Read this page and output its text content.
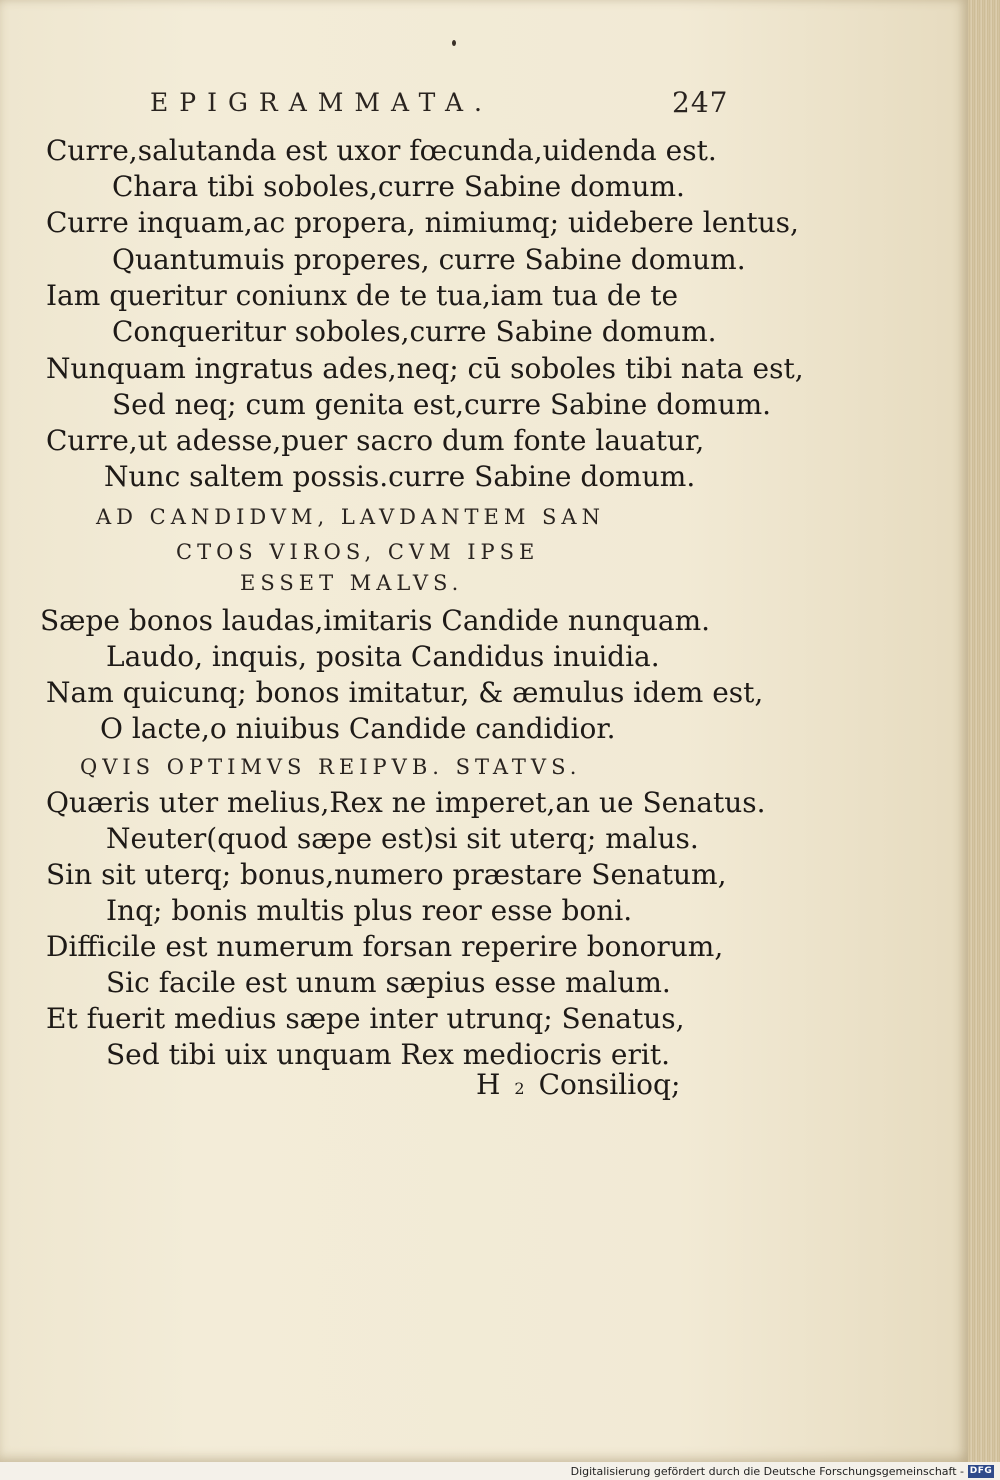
EPIGRAMMATA.	247
Curre,salutanda est uxor fœcunda,uidenda est.
Chara tibi soboles,curre Sabine domum.
Curre inquam,ac propera, nimiumq; uidebere lentus,
Quantumuis properes, curre Sabine domum.
Iam queritur coniunx de te tua,iam tua de te
Conqueritur soboles,curre Sabine domum.
Nunquam ingratus ades,neq; cū soboles tibi nata est,
Sed neq; cum genita est,curre Sabine domum.
Curre,ut adesse,puer sacro dum fonte lauatur,
Nunc saltem possis.curre Sabine domum.
AD CANDIDVM, LAVDANTEM SAN
CTOS VIROS, CVM IPSE
ESSET MALVS.
Sæpe bonos laudas,imitaris Candide nunquam.
Laudo, inquis, posita Candidus inuidia.
Nam quicunq; bonos imitatur, & æmulus idem est,
O lacte,o niuibus Candide candidior.
QVIS OPTIMVS REIPVB. STATVS.
Quæris uter melius,Rex ne imperet,an ue Senatus.
Neuter(quod sæpe est)si sit uterq; malus.
Sin sit uterq; bonus,numero præstare Senatum,
Inq; bonis multis plus reor esse boni.
Difficile est numerum forsan reperire bonorum,
Sic facile est unum sæpius esse malum.
Et fuerit medius sæpe inter utrunq; Senatus,
Sed tibi uix unquam Rex mediocris erit.
H 2 Consilioq;
Digitalisierung gefördert durch die Deutsche Forschungsgemeinschaft - DFG
